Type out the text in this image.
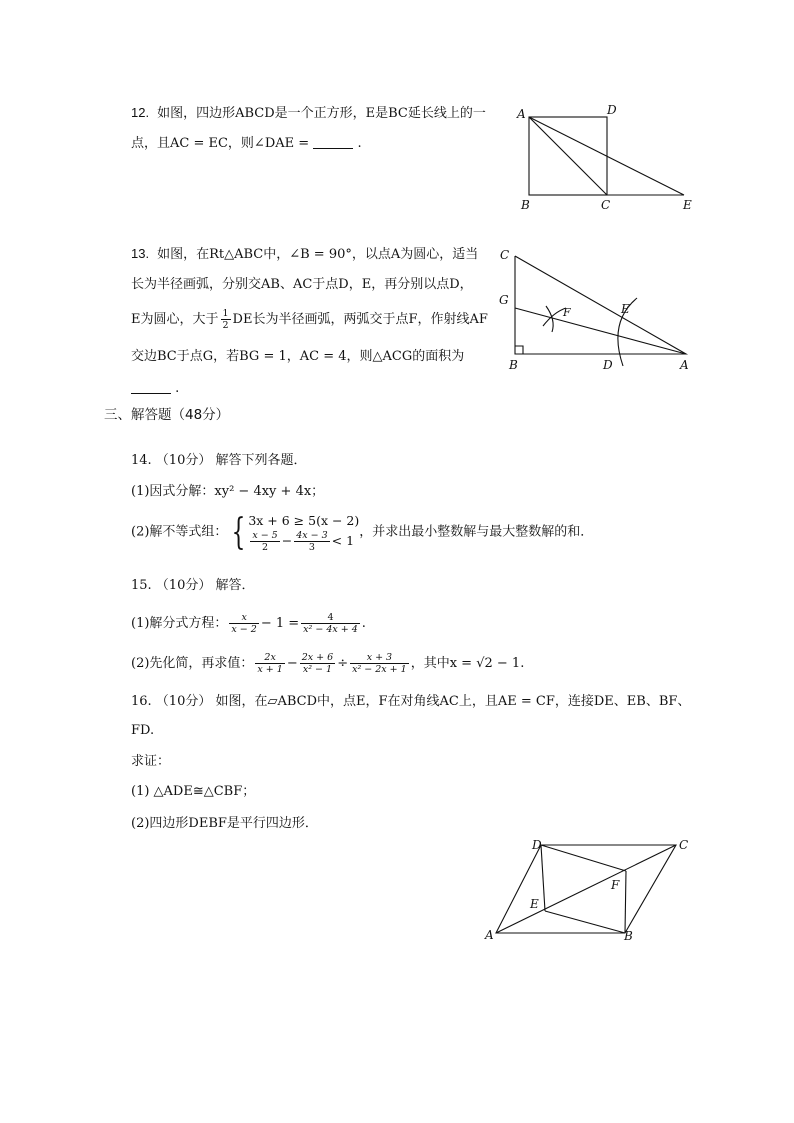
12. 如图，四边形ABCD是一个正方形，E是BC延长线上的一
点，且AC = EC，则∠DAE =	.
A	D
B	C	E
13. 如图，在Rt△ABC中，∠B = 90°，以点A为圆心，适当
长为半径画弧，分别交AB、AC于点D，E，再分别以点D，
E为圆心，大于 $\frac{1}{2}$ DE长为半径画弧，两弧交于点F，作射线AF
交边BC于点G，若BG = 1，AC = 4，则△ACG的面积为
.
C
G
F	E
B	D	A
三、解答题（48分）
14. （10分） 解答下列各题．
(1)因式分解：xy² − 4xy + 4x；
(2)解不等式组： { 3x + 6 ≥ 5(x − 2)
$\frac{x - 5}{2} - \frac{4x - 3}{3} < 1$
，并求出最小整数解与最大整数解的和．
15. （10分） 解答．
(1)解分式方程： $\frac{x}{x - 2} - 1 = \frac{4}{\text{x² − 4x + 4}}$ .
(2)先化简，再求值： $\frac{2x}{x + 1} - \frac{2x + 6}{\text{x² − 1}} \div \frac{x + 3}{\text{x² − 2x + 1}}$ ，其中x = √2 − 1.
16. （10分） 如图，在▱ABCD中，点E，F在对角线AC上，且AE = CF，连接DE、EB、BF、
FD.
求证：
(1) △ADE≅△CBF；
(2)四边形DEBF是平行四边形．
D	C
F
E
A	B
